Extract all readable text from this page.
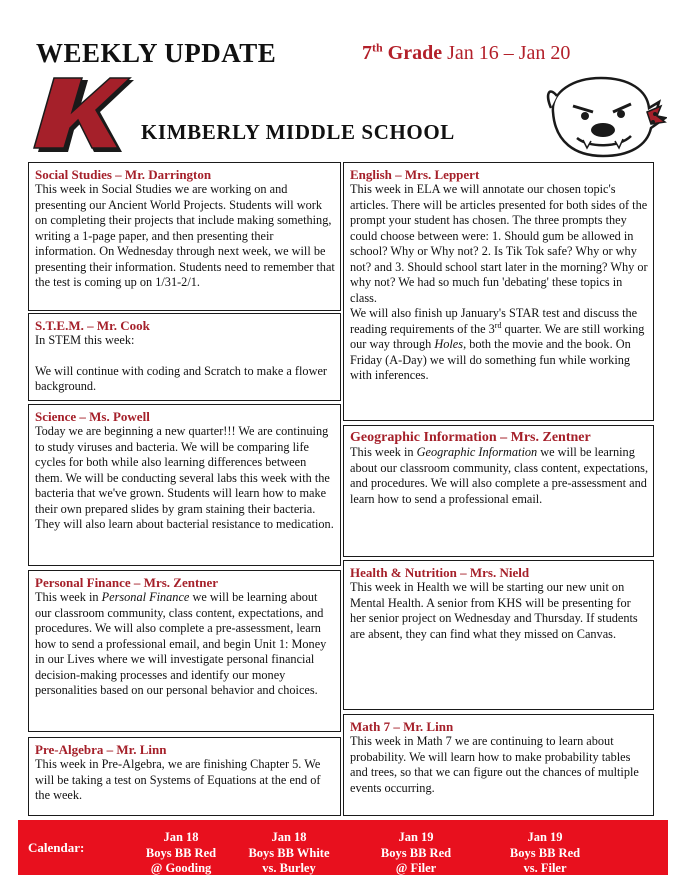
WEEKLY UPDATE	7th Grade Jan 16 – Jan 20
K
KIMBERLY MIDDLE SCHOOL
Social Studies – Mr. Darrington

This week in Social Studies we are working on and presenting our Ancient World Projects. Students will work on completing their projects that include making something, writing a 1-page paper, and then presenting their information. On Wednesday through next week, we will be presenting their information. Students need to remember that the test is coming up on 1/31-2/1.

S.T.E.M. – Mr. Cook

In STEM this week:

We will continue with coding and Scratch to make a flower background.

Science – Ms. Powell

Today we are beginning a new quarter!!! We are continuing to study viruses and bacteria. We will be comparing life cycles for both while also learning differences between them. We will be conducting several labs this week with the bacteria that we've grown. Students will learn how to make their own prepared slides by gram staining their bacteria. They will also learn about bacterial resistance to medication.

Personal Finance – Mrs. Zentner

This week in Personal Finance we will be learning about our classroom community, class content, expectations, and procedures. We will also complete a pre-assessment, learn how to send a professional email, and begin Unit 1: Money in our Lives where we will investigate personal financial decision-making processes and identify our money personalities based on our personal behavior and choices.

Pre-Algebra – Mr. Linn

This week in Pre-Algebra, we are finishing Chapter 5. We will be taking a test on Systems of Equations at the end of the week.

English – Mrs. Leppert

This week in ELA we will annotate our chosen topic's articles. There will be articles presented for both sides of the prompt your student has chosen. The three prompts they could choose between were: 1. Should gum be allowed in school? Why or Why not? 2. Is Tik Tok safe? Why or why not? and 3. Should school start later in the morning? Why or why not? We had so much fun 'debating' these topics in class.

We will also finish up January's STAR test and discuss the reading requirements of the 3rd quarter. We are still working our way through Holes, both the movie and the book. On Friday (A-Day) we will do something fun while working with inferences.

Geographic Information – Mrs. Zentner

This week in Geographic Information we will be learning about our classroom community, class content, expectations, and procedures. We will also complete a pre-assessment and learn how to send a professional email.

Health & Nutrition – Mrs. Nield

This week in Health we will be starting our new unit on Mental Health. A senior from KHS will be presenting for her senior project on Wednesday and Thursday. If students are absent, they can find what they missed on Canvas.

Math 7 – Mr. Linn

This week in Math 7 we are continuing to learn about probability. We will learn how to make probability tables and trees, so that we can figure out the chances of multiple events occurring.

Calendar:
Jan 18
Boys BB Red
@ Gooding
Jan 18
Boys BB White
vs. Burley
Jan 19
Boys BB Red
@ Filer
Jan 19
Boys BB Red
vs. Filer
